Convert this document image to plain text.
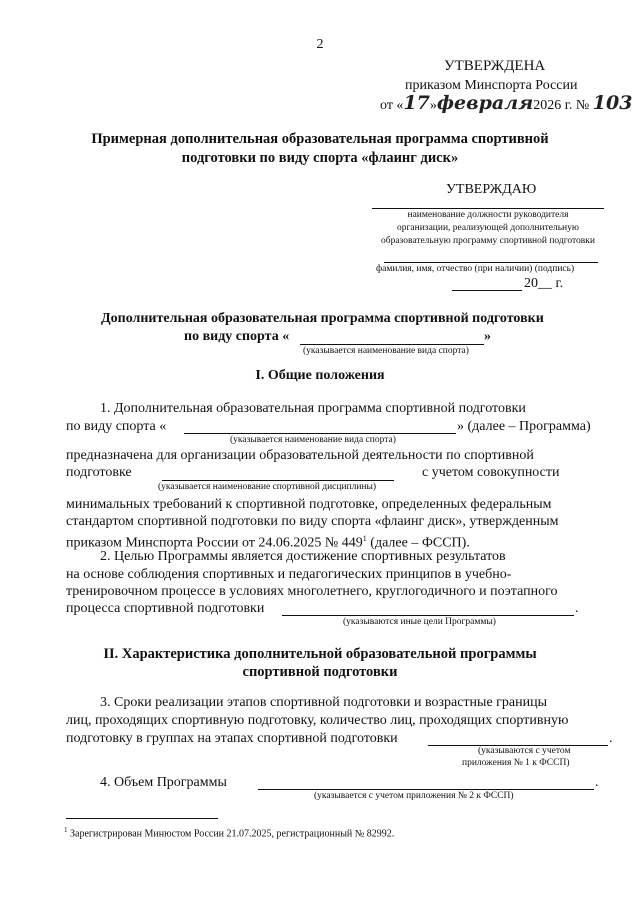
2
УТВЕРЖДЕНА
приказом Минспорта России
от «17»февраля2026 г. № 103
Примерная дополнительная образовательная программа спортивной
подготовки по виду спорта «флаинг диск»
УТВЕРЖДАЮ
наименование должности руководителя
организации, реализующей дополнительную
образовательную программу спортивной подготовки
фамилия, имя, отчество (при наличии) (подпись)
20__ г.
Дополнительная образовательная программа спортивной подготовки
по виду спорта «	»
(указывается наименование вида спорта)
I. Общие положения
1. Дополнительная образовательная программа спортивной подготовки
по виду спорта «	» (далее – Программа)
(указывается наименование вида спорта)
предназначена для организации образовательной деятельности по спортивной
подготовке	с учетом совокупности
(указывается наименование спортивной дисциплины)
минимальных требований к спортивной подготовке, определенных федеральным
стандартом спортивной подготовки по виду спорта «флаинг диск», утвержденным
приказом Минспорта России от 24.06.2025 № $449^1$ (далее – ФССП).
2. Целью Программы является достижение спортивных результатов
на основе соблюдения спортивных и педагогических принципов в учебно-
тренировочном процессе в условиях многолетнего, круглогодичного и поэтапного
процесса спортивной подготовки	.
(указываются иные цели Программы)
II. Характеристика дополнительной образовательной программы
спортивной подготовки
3. Сроки реализации этапов спортивной подготовки и возрастные границы
лиц, проходящих спортивную подготовку, количество лиц, проходящих спортивную
подготовку в группах на этапах спортивной подготовки	.
(указываются с учетом
приложения № 1 к ФССП)
4. Объем Программы	.
(указывается с учетом приложения № 2 к ФССП)
$^1$ Зарегистрирован Минюстом России 21.07.2025, регистрационный № 82992.
